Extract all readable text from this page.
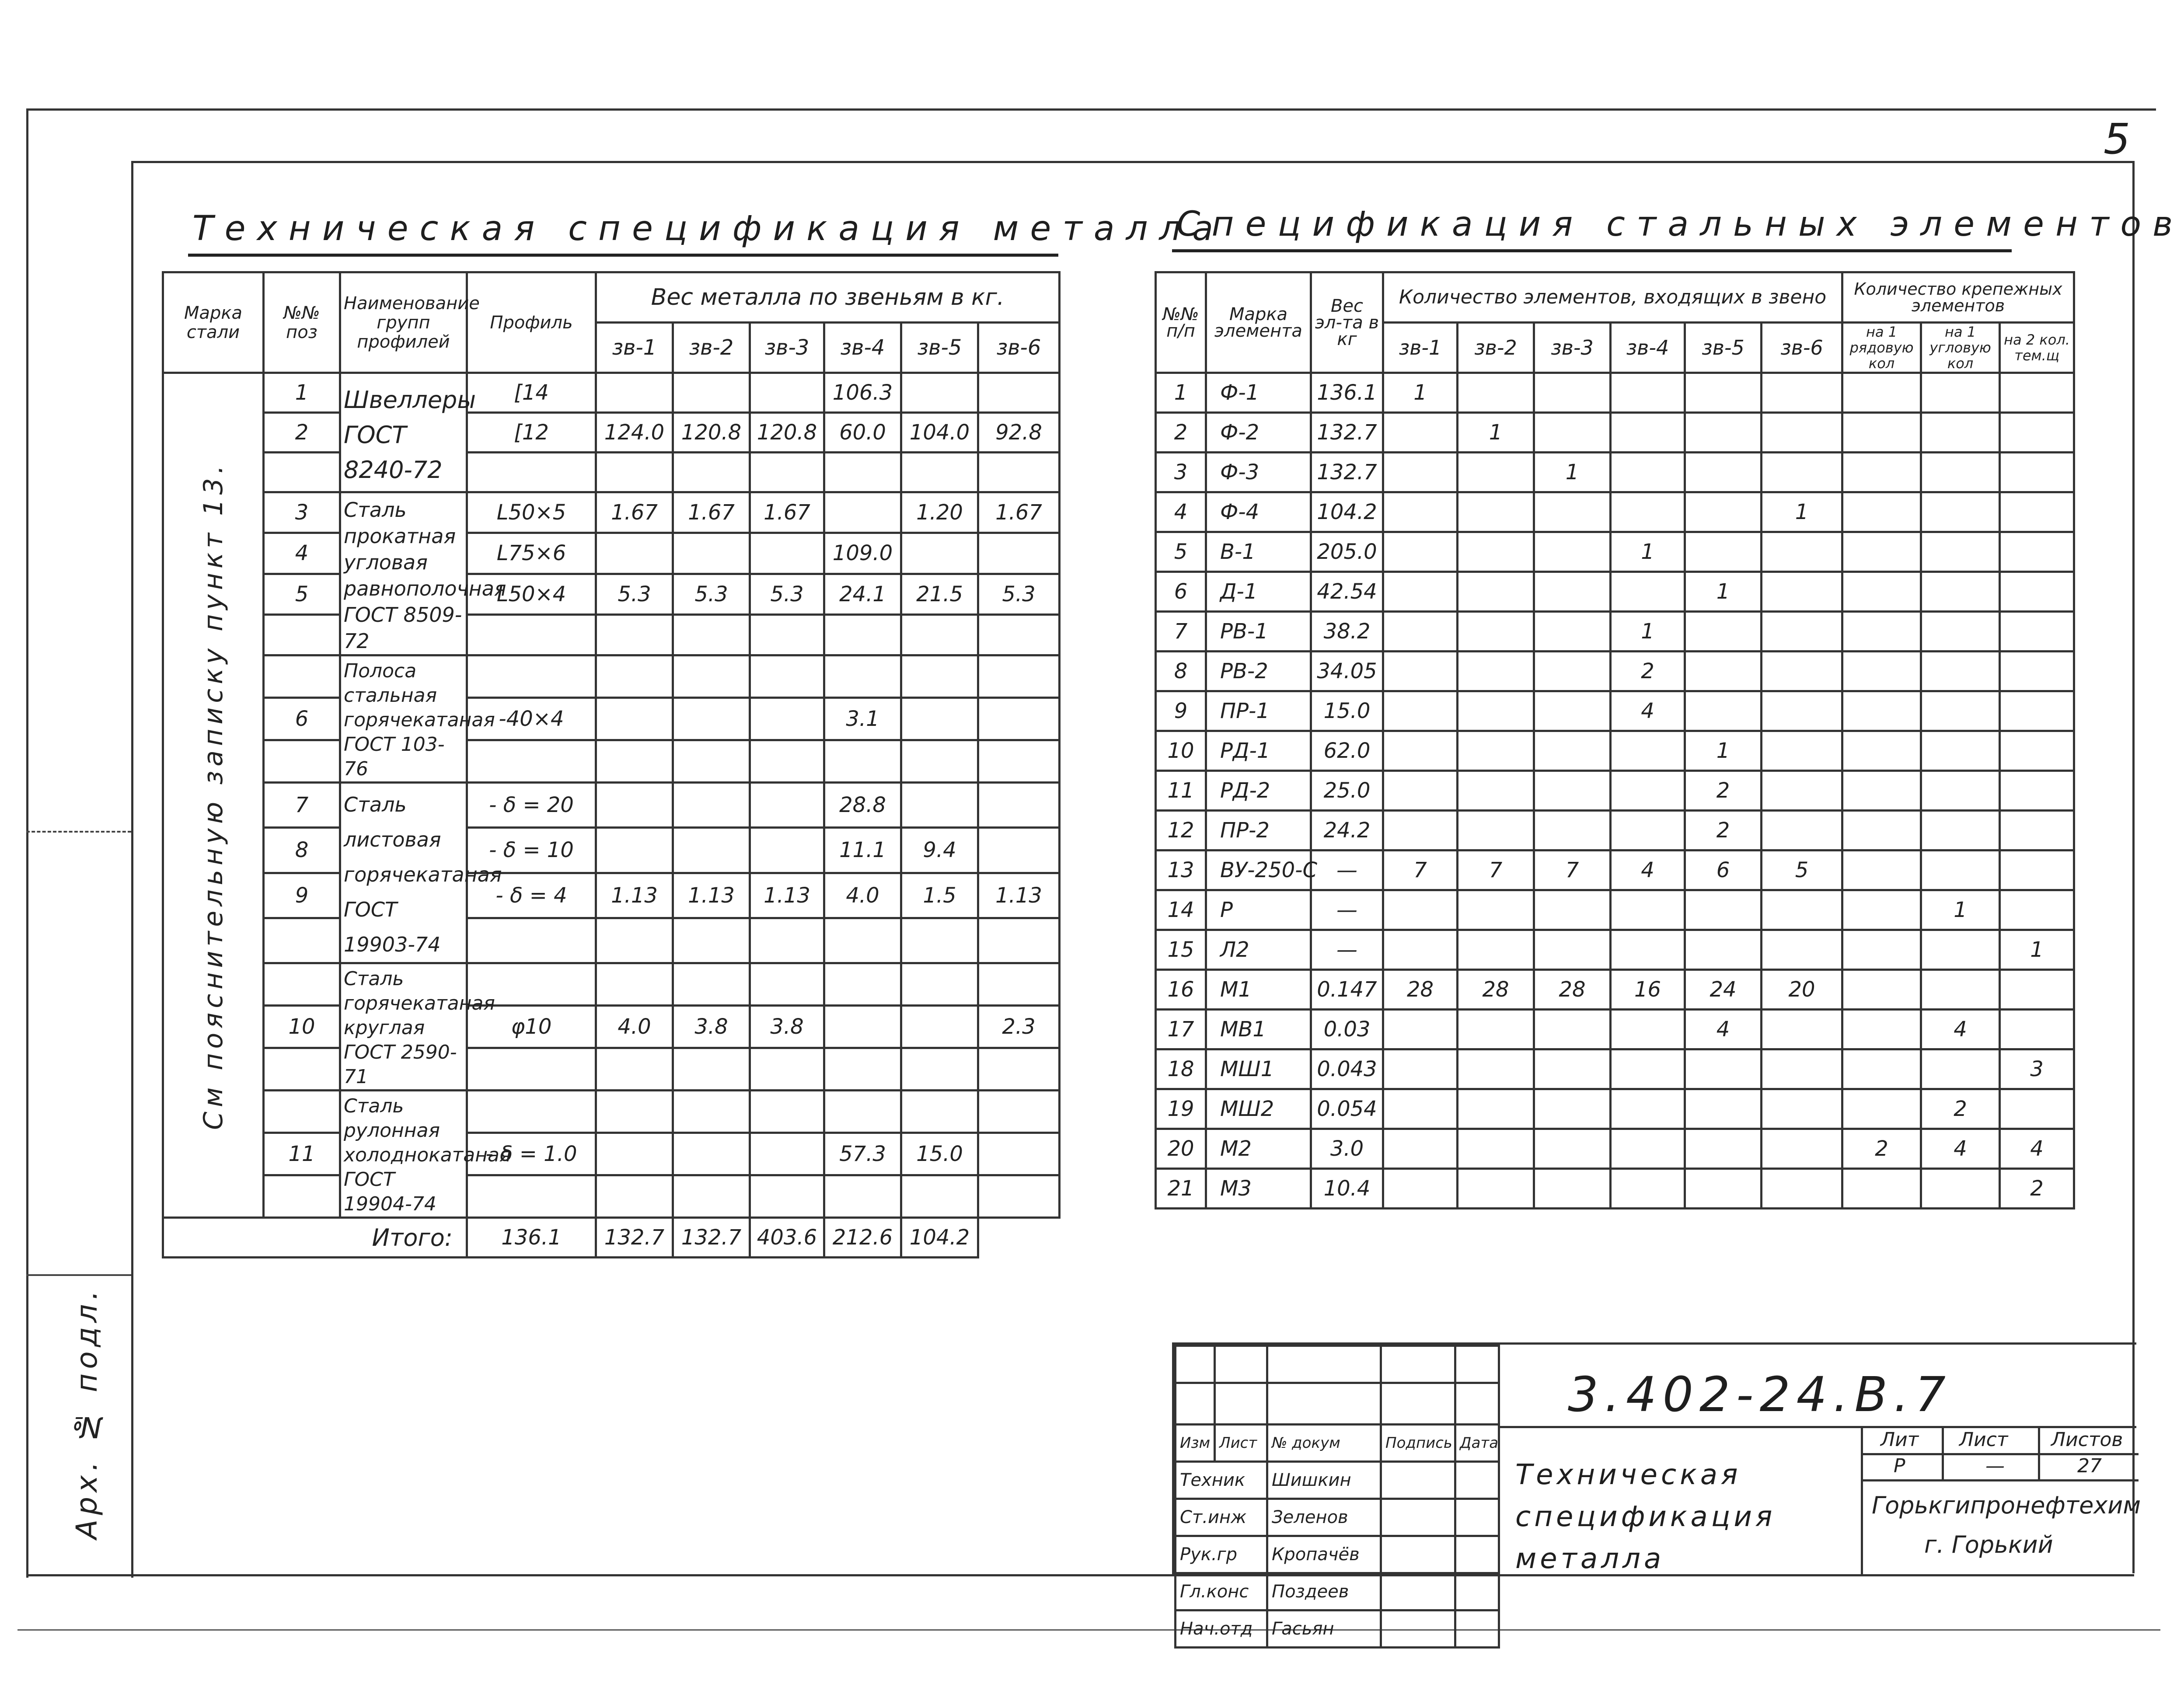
5
Арх. № подл.
Техническая спецификация металла
Спецификация стальных элементов
Марка стали	№№ поз	Наименование групп профилей	Профиль	Вес металла по звеньям в кг.					
				зв-1	зв-2	зв-3	зв-4	зв-5	зв-6

См пояснительную записку пункт 13.	1	Швеллеры ГОСТ 8240-72	[14				106.3		
	2		[12	124.0	120.8	120.8	60.0	104.0	92.8

	3	Сталь прокатная угловая равнополочная ГОСТ 8509-72	L50×5	1.67	1.67	1.67		1.20	1.67
	4		L75×6				109.0		
	5		L50×4	5.3	5.3	5.3	24.1	21.5	5.3

		Полоса стальная горячекатаная ГОСТ 103-76							
	6		-40×4				3.1		

	7	Сталь листовая горячекатаная ГОСТ 19903-74	- δ = 20				28.8		
	8		- δ = 10				11.1	9.4	
	9		- δ = 4	1.13	1.13	1.13	4.0	1.5	1.13

		Сталь горячекатаная круглая ГОСТ 2590-71							
	10		φ10	4.0	3.8	3.8			2.3

		Сталь рулонная холоднокатаная ГОСТ 19904-74							
	11		- δ = 1.0				57.3	15.0	

Итого:			136.1	132.7	132.7	403.6	212.6	104.2	
№№ п/п	Марка элемента	Вес эл-та в кг	Количество элементов, входящих в звено						Количество крепежных элементов		
			зв-1	зв-2	зв-3	зв-4	зв-5	зв-6	на 1 рядовую кол	на 1 угловую кол	на 2 кол. тем.щ
1	Ф-1	136.1	1								
2	Ф-2	132.7		1							
3	Ф-3	132.7			1						
4	Ф-4	104.2						1			
5	В-1	205.0				1					
6	Д-1	42.54					1				
7	РВ-1	38.2				1					
8	РВ-2	34.05				2					
9	ПР-1	15.0				4					
10	РД-1	62.0					1				
11	РД-2	25.0					2				
12	ПР-2	24.2					2				
13	ВУ-250-С	—	7	7	7	4	6	5			
14	Р	—								1	
15	Л2	—									1
16	М1	0.147	28	28	28	16	24	20			
17	МВ1	0.03					4			4	
18	МШ1	0.043									3
19	МШ2	0.054								2	
20	М2	3.0							2	4	4
21	М3	10.4									2

Изм	Лист	№ докум	Подпись	Дата
Техник		Шишкин		
Ст.инж		Зеленов		
Рук.гр		Кропачёв		
Гл.конс		Поздеев		
Нач.отд		Гасьян		
3.402-24.В.7
Техническая спецификация металла
Лит Лист Листов
Р	—	27
Горькгипронефтехим
г. Горький
